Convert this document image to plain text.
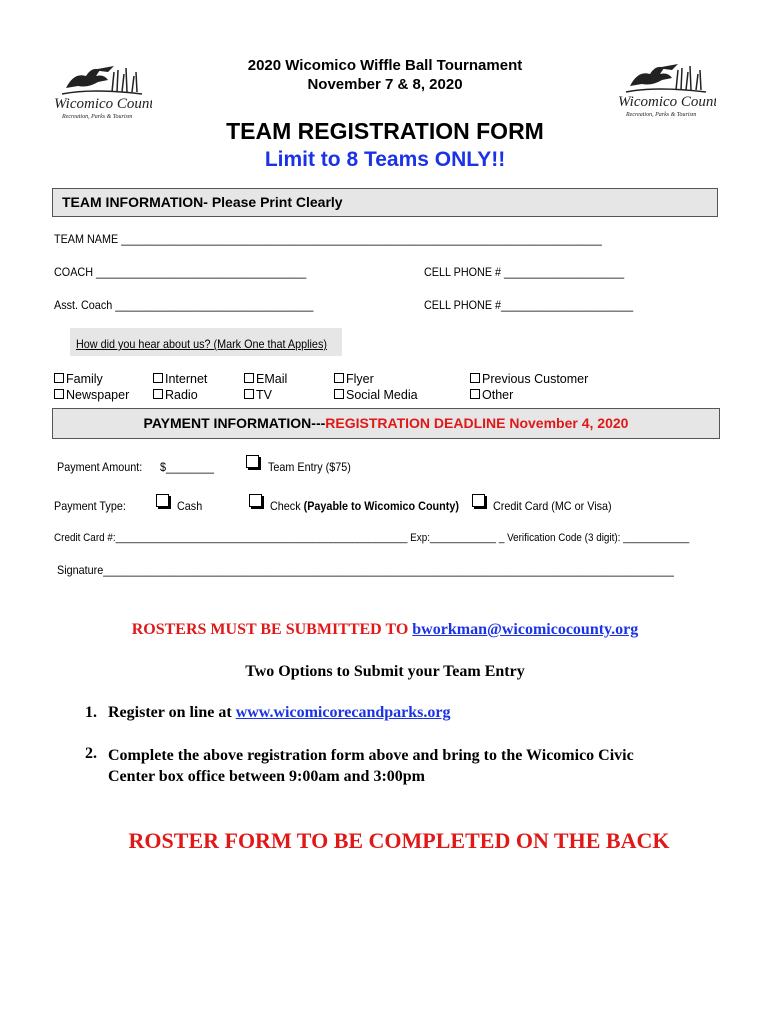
Wicomico County
Recreation, Parks & Tourism
Wicomico County
Recreation, Parks & Tourism
2020 Wicomico Wiffle Ball Tournament
November 7 & 8, 2020
TEAM REGISTRATION FORM
Limit to 8 Teams ONLY!!
TEAM INFORMATION- Please Print Clearly
TEAM NAME ________________________________________________________________________________
COACH ___________________________________	CELL PHONE # ____________________
Asst. Coach _________________________________	CELL PHONE #______________________
How did you hear about us? (Mark One that Applies)
Family
Newspaper
Internet
Radio
EMail
TV
Flyer
Social Media
Previous Customer
Other
PAYMENT INFORMATION---REGISTRATION DEADLINE November 4, 2020
Payment Amount: $________	Team Entry ($75)
Payment Type:	Cash	Check (Payable to Wicomico County)	Credit Card (MC or Visa)
Credit Card #:_____________________________________________________ Exp:____________ _ Verification Code (3 digit): ____________
Signature_______________________________________________________________________________________________
ROSTERS MUST BE SUBMITTED TO bworkman@wicomicocounty.org
Two Options to Submit your Team Entry
1. Register on line at www.wicomicorecandparks.org
2. Complete the above registration form above and bring to the Wicomico Civic
Center box office between 9:00am and 3:00pm
ROSTER FORM TO BE COMPLETED ON THE BACK
